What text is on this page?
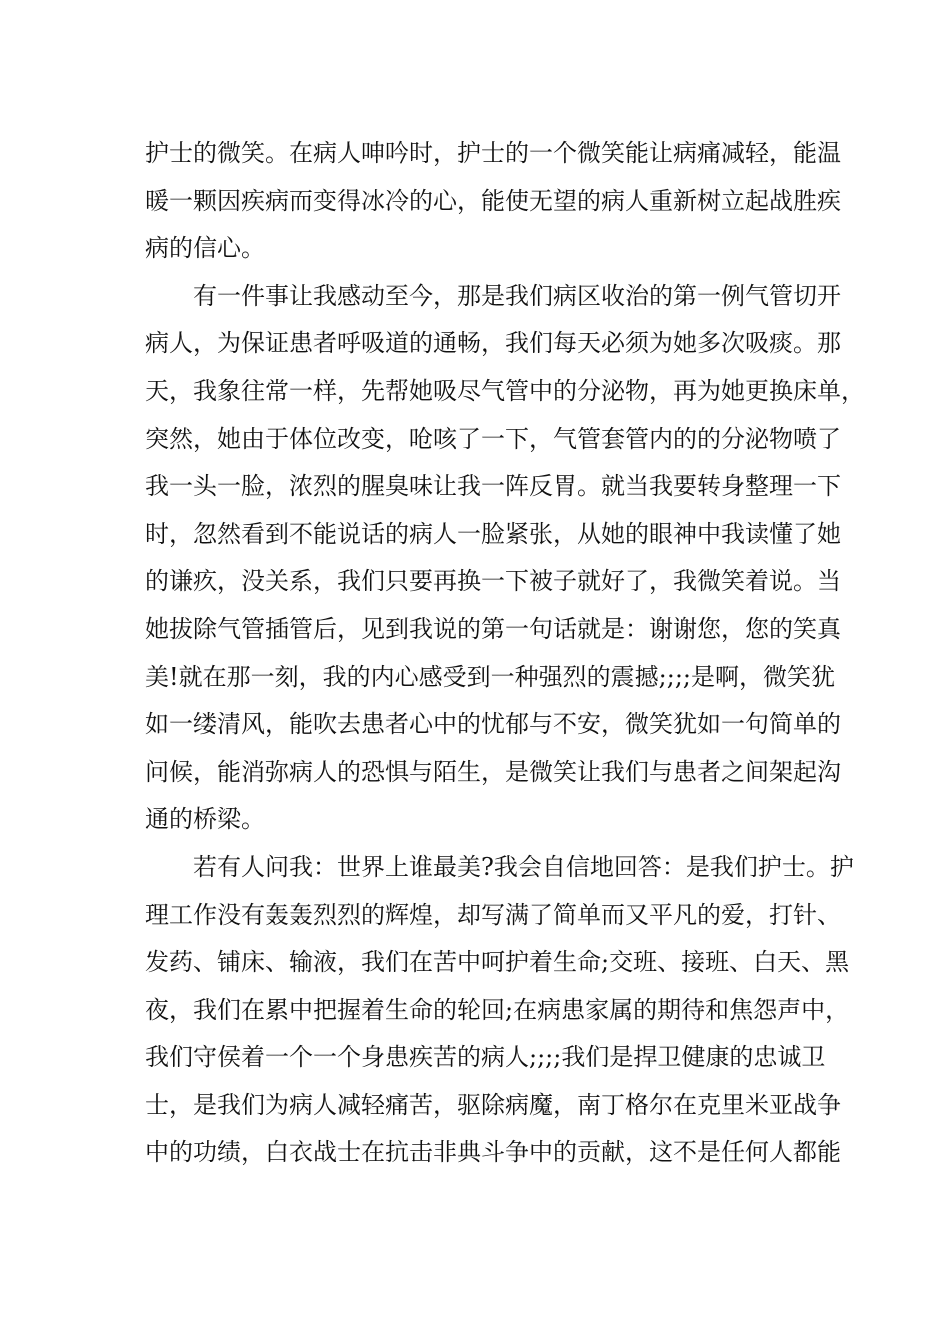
护士的微笑。在病人呻吟时，护士的一个微笑能让病痛减轻，能温
暖一颗因疾病而变得冰冷的心，能使无望的病人重新树立起战胜疾
病的信心。
有一件事让我感动至今，那是我们病区收治的第一例气管切开
病人，为保证患者呼吸道的通畅，我们每天必须为她多次吸痰。那
天，我象往常一样，先帮她吸尽气管中的分泌物，再为她更换床单，
突然，她由于体位改变，呛咳了一下，气管套管内的的分泌物喷了
我一头一脸，浓烈的腥臭味让我一阵反胃。就当我要转身整理一下
时，忽然看到不能说话的病人一脸紧张，从她的眼神中我读懂了她
的谦疚，没关系，我们只要再换一下被子就好了，我微笑着说。当
她拔除气管插管后，见到我说的第一句话就是：谢谢您，您的笑真
美!就在那一刻，我的内心感受到一种强烈的震撼;;;;是啊，微笑犹
如一缕清风，能吹去患者心中的忧郁与不安，微笑犹如一句简单的
问候，能消弥病人的恐惧与陌生，是微笑让我们与患者之间架起沟
通的桥梁。
若有人问我：世界上谁最美?我会自信地回答：是我们护士。护
理工作没有轰轰烈烈的辉煌，却写满了简单而又平凡的爱，打针、
发药、铺床、输液，我们在苦中呵护着生命;交班、接班、白天、黑
夜，我们在累中把握着生命的轮回;在病患家属的期待和焦怨声中，
我们守侯着一个一个身患疾苦的病人;;;;我们是捍卫健康的忠诚卫
士，是我们为病人减轻痛苦，驱除病魔，南丁格尔在克里米亚战争
中的功绩，白衣战士在抗击非典斗争中的贡献，这不是任何人都能
